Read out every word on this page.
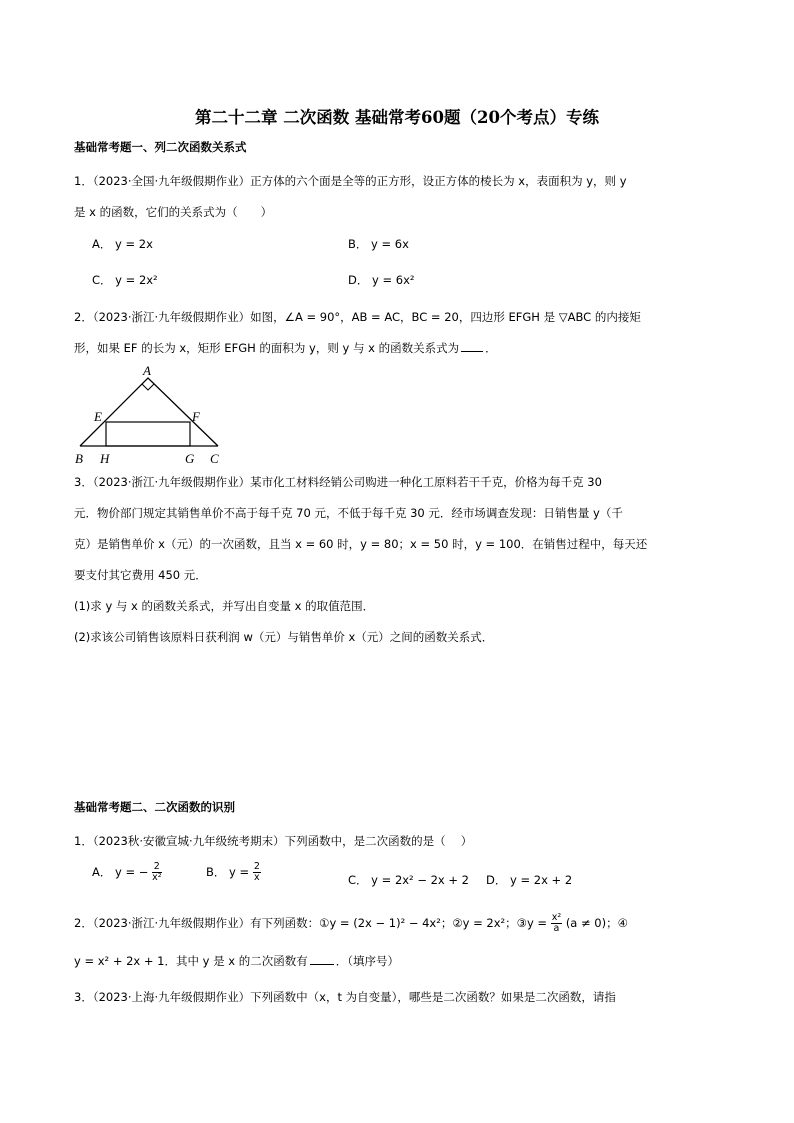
第二十二章 二次函数 基础常考60题（20个考点）专练
基础常考题一、列二次函数关系式
1．（2023·全国·九年级假期作业）正方体的六个面是全等的正方形，设正方体的棱长为 x，表面积为 y，则 y
是 x 的函数，它们的关系式为（　　）
A． y = 2x	B． y = 6x
C． y = 2x²	D． y = 6x²
2．（2023·浙江·九年级假期作业）如图，∠A = 90°，AB = AC，BC = 20，四边形 EFGH 是 ▽ABC 的内接矩
形，如果 EF 的长为 x，矩形 EFGH 的面积为 y，则 y 与 x 的函数关系式为 ．
A
E	F
B H	G C
3．（2023·浙江·九年级假期作业）某市化工材料经销公司购进一种化工原料若干千克，价格为每千克 30
元．物价部门规定其销售单价不高于每千克 70 元，不低于每千克 30 元．经市场调查发现：日销售量 y（千
克）是销售单价 x（元）的一次函数，且当 x = 60 时，y = 80；x = 50 时，y = 100．在销售过程中，每天还
要支付其它费用 450 元．
(1)求 y 与 x 的函数关系式，并写出自变量 x 的取值范围．
(2)求该公司销售该原料日获利润 w（元）与销售单价 x（元）之间的函数关系式．
基础常考题二、二次函数的识别
1．（2023秋·安徽宣城·九年级统考期末）下列函数中，是二次函数的是（　 ）
A． y = − $\frac{2}{\text{x²}}$	B． $y = \frac{2}{x}$	C． y = 2x² − 2x + 2 D． y = 2x + 2
2．（2023·浙江·九年级假期作业）有下列函数：①y = (2x − 1)² − 4x²；②y = 2x²；③y = $\frac{\text{x²}}{a} (a \ne 0)$；④
y = x² + 2x + 1．其中 y 是 x 的二次函数有 ．（填序号）
3．（2023·上海·九年级假期作业）下列函数中（x，t 为自变量），哪些是二次函数？如果是二次函数，请指
